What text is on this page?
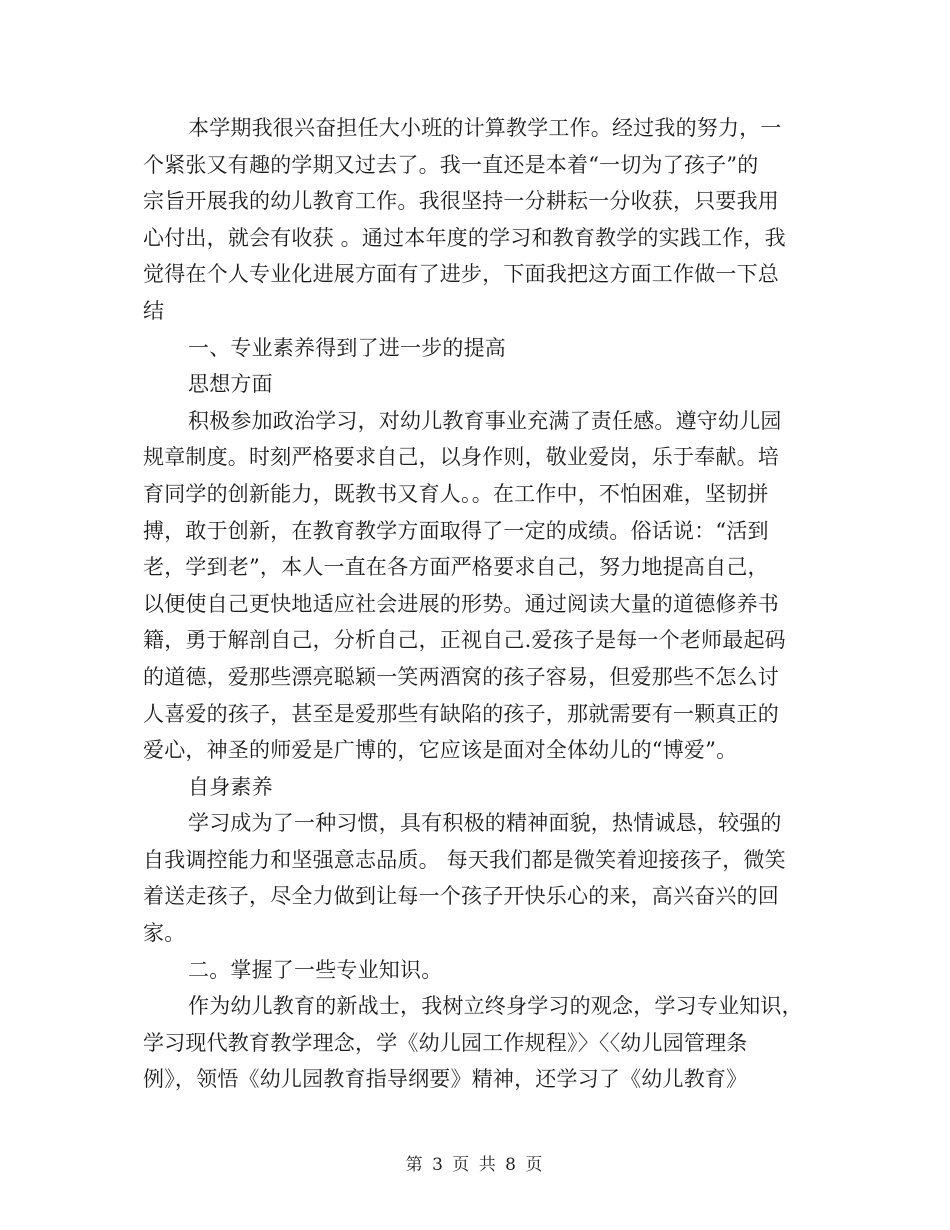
本学期我很兴奋担任大小班的计算教学工作。经过我的努力，一
个紧张又有趣的学期又过去了。我一直还是本着“一切为了孩子”的
宗旨开展我的幼儿教育工作。我很坚持一分耕耘一分收获，只要我用
心付出，就会有收获 。通过本年度的学习和教育教学的实践工作，我
觉得在个人专业化进展方面有了进步，下面我把这方面工作做一下总
结
一、专业素养得到了进一步的提高
思想方面
积极参加政治学习，对幼儿教育事业充满了责任感。遵守幼儿园
规章制度。时刻严格要求自己，以身作则，敬业爱岗，乐于奉献。培
育同学的创新能力，既教书又育人。。在工作中，不怕困难，坚韧拼
搏，敢于创新，在教育教学方面取得了一定的成绩。俗话说：“活到
老，学到老”，本人一直在各方面严格要求自己，努力地提高自己，
以便使自己更快地适应社会进展的形势。通过阅读大量的道德修养书
籍，勇于解剖自己，分析自己，正视自己.爱孩子是每一个老师最起码
的道德，爱那些漂亮聪颖一笑两酒窝的孩子容易，但爱那些不怎么讨
人喜爱的孩子，甚至是爱那些有缺陷的孩子，那就需要有一颗真正的
爱心，神圣的师爱是广博的，它应该是面对全体幼儿的“博爱”。
自身素养
学习成为了一种习惯，具有积极的精神面貌，热情诚恳，较强的
自我调控能力和坚强意志品质。 每天我们都是微笑着迎接孩子，微笑
着送走孩子，尽全力做到让每一个孩子开快乐心的来，高兴奋兴的回
家。
二。掌握了一些专业知识。
作为幼儿教育的新战士，我树立终身学习的观念，学习专业知识，
学习现代教育教学理念，学《幼儿园工作规程》〉〈〈幼儿园管理条
例》，领悟《幼儿园教育指导纲要》精神，还学习了《幼儿教育》
第 3 页 共 8 页
